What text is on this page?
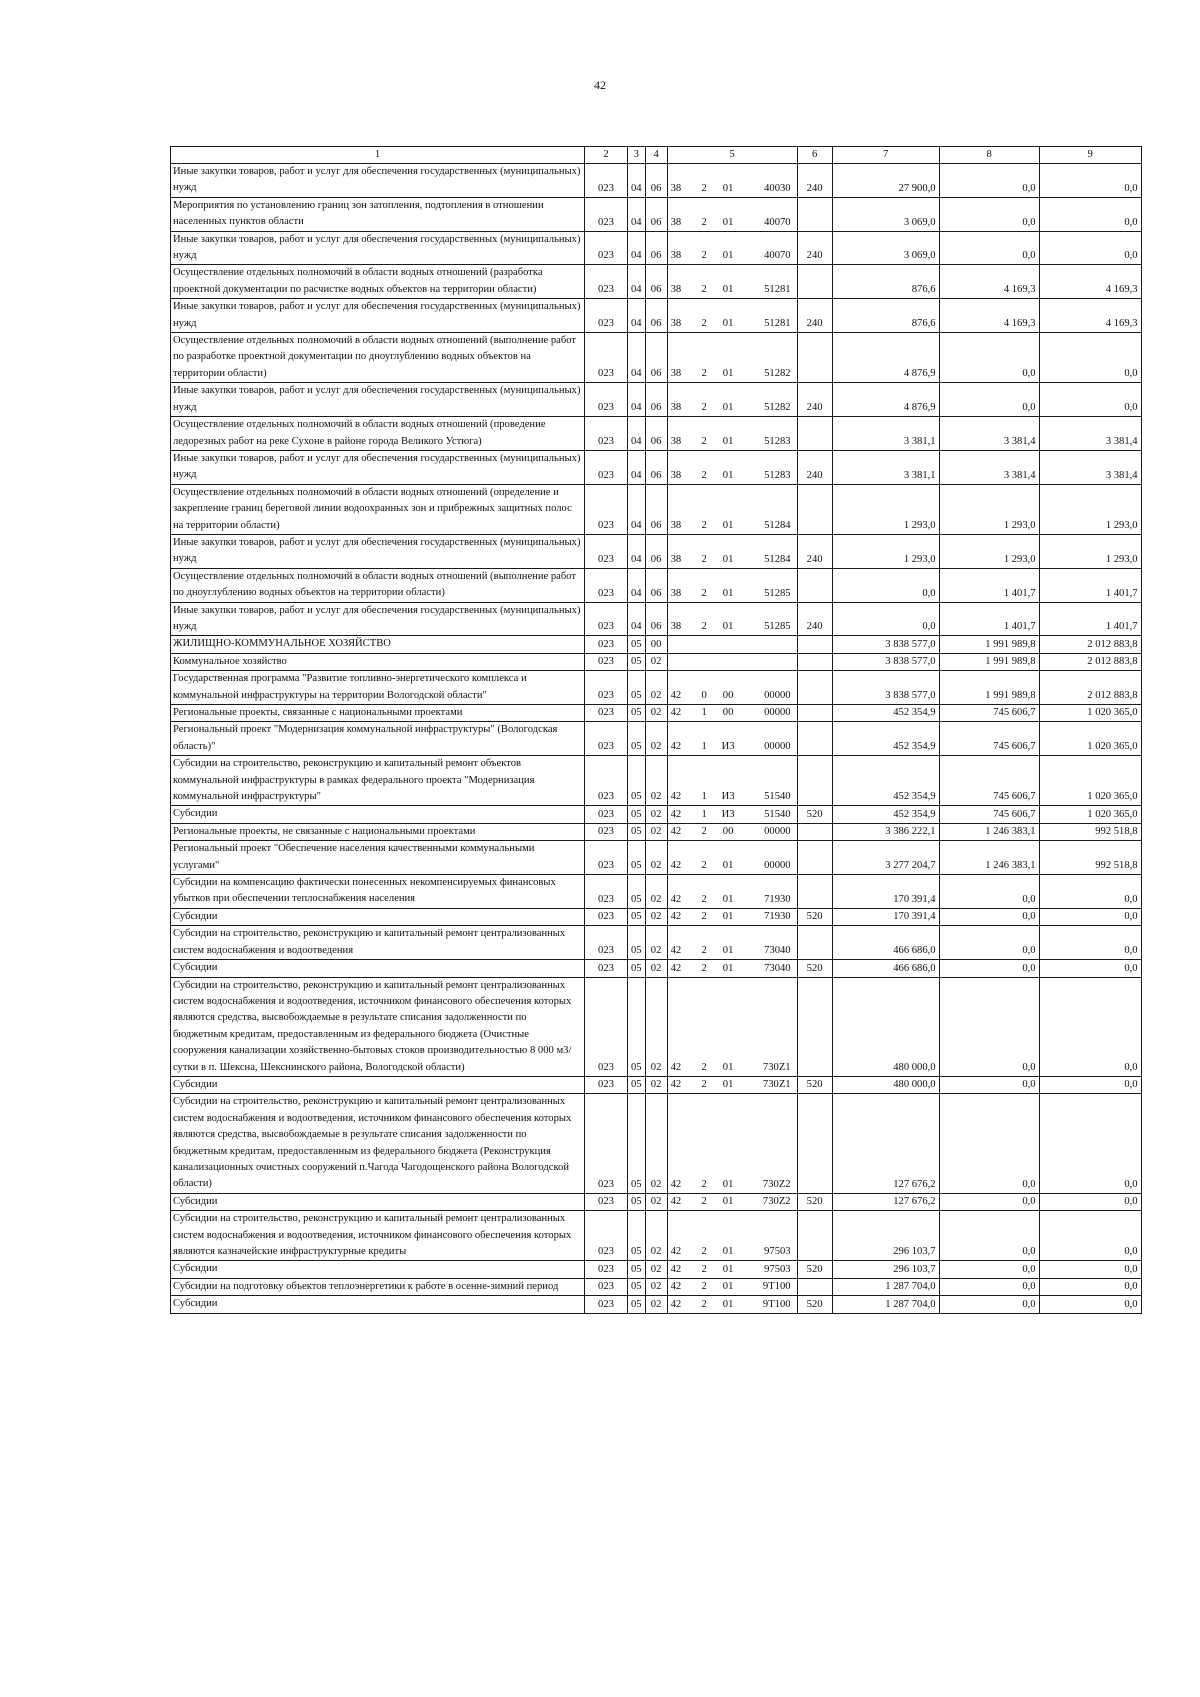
42
1	2	3	4	5				6	7	8	9
Иные закупки товаров, работ и услуг для обеспечения государственных (муниципальных) нужд	023	04	06	38	2	01	40030	240	27 900,0	0,0	0,0
Мероприятия по установлению границ зон затопления, подтопления в отношении населенных пунктов области	023	04	06	38	2	01	40070		3 069,0	0,0	0,0
Иные закупки товаров, работ и услуг для обеспечения государственных (муниципальных) нужд	023	04	06	38	2	01	40070	240	3 069,0	0,0	0,0
Осуществление отдельных полномочий в области водных отношений (разработка проектной документации по расчистке водных объектов на территории области)	023	04	06	38	2	01	51281		876,6	4 169,3	4 169,3
Иные закупки товаров, работ и услуг для обеспечения государственных (муниципальных) нужд	023	04	06	38	2	01	51281	240	876,6	4 169,3	4 169,3
Осуществление отдельных полномочий в области водных отношений (выполнение работ по разработке проектной документации по дноуглублению водных объектов на территории области)	023	04	06	38	2	01	51282		4 876,9	0,0	0,0
Иные закупки товаров, работ и услуг для обеспечения государственных (муниципальных) нужд	023	04	06	38	2	01	51282	240	4 876,9	0,0	0,0
Осуществление отдельных полномочий в области водных отношений (проведение ледорезных работ на реке Сухоне в районе города Великого Устюга)	023	04	06	38	2	01	51283		3 381,1	3 381,4	3 381,4
Иные закупки товаров, работ и услуг для обеспечения государственных (муниципальных) нужд	023	04	06	38	2	01	51283	240	3 381,1	3 381,4	3 381,4
Осуществление отдельных полномочий в области водных отношений (определение и закрепление границ береговой линии водоохранных зон и прибрежных защитных полос на территории области)	023	04	06	38	2	01	51284		1 293,0	1 293,0	1 293,0
Иные закупки товаров, работ и услуг для обеспечения государственных (муниципальных) нужд	023	04	06	38	2	01	51284	240	1 293,0	1 293,0	1 293,0
Осуществление отдельных полномочий в области водных отношений (выполнение работ по дноуглублению водных объектов на территории области)	023	04	06	38	2	01	51285		0,0	1 401,7	1 401,7
Иные закупки товаров, работ и услуг для обеспечения государственных (муниципальных) нужд	023	04	06	38	2	01	51285	240	0,0	1 401,7	1 401,7
ЖИЛИЩНО-КОММУНАЛЬНОЕ ХОЗЯЙСТВО	023	05	00						3 838 577,0	1 991 989,8	2 012 883,8
Коммунальное хозяйство	023	05	02						3 838 577,0	1 991 989,8	2 012 883,8
Государственная программа "Развитие топливно-энергетического комплекса и коммунальной инфраструктуры на территории Вологодской области"	023	05	02	42	0	00	00000		3 838 577,0	1 991 989,8	2 012 883,8
Региональные проекты, связанные с национальными проектами	023	05	02	42	1	00	00000		452 354,9	745 606,7	1 020 365,0
Региональный проект "Модернизация коммунальной инфраструктуры" (Вологодская область)"	023	05	02	42	1	И3	00000		452 354,9	745 606,7	1 020 365,0
Субсидии на строительство, реконструкцию и капитальный ремонт объектов коммунальной инфраструктуры в рамках федерального проекта "Модернизация коммунальной инфраструктуры"	023	05	02	42	1	И3	51540		452 354,9	745 606,7	1 020 365,0
Субсидии	023	05	02	42	1	И3	51540	520	452 354,9	745 606,7	1 020 365,0
Региональные проекты, не связанные с национальными проектами	023	05	02	42	2	00	00000		3 386 222,1	1 246 383,1	992 518,8
Региональный проект "Обеспечение населения качественными коммунальными услугами"	023	05	02	42	2	01	00000		3 277 204,7	1 246 383,1	992 518,8
Субсидии на компенсацию фактически понесенных некомпенсируемых финансовых убытков при обеспечении теплоснабжения населения	023	05	02	42	2	01	71930		170 391,4	0,0	0,0
Субсидии	023	05	02	42	2	01	71930	520	170 391,4	0,0	0,0
Субсидии на строительство, реконструкцию и капитальный ремонт централизованных систем водоснабжения и водоотведения	023	05	02	42	2	01	73040		466 686,0	0,0	0,0
Субсидии	023	05	02	42	2	01	73040	520	466 686,0	0,0	0,0
Субсидии на строительство, реконструкцию и капитальный ремонт централизованных систем водоснабжения и водоотведения, источником финансового обеспечения которых являются средства, высвобождаемые в результате списания задолженности по бюджетным кредитам, предоставленным из федерального бюджета (Очистные сооружения канализации хозяйственно-бытовых стоков производительностью 8 000 м3/сутки в п. Шексна, Шекснинского района, Вологодской области)	023	05	02	42	2	01	730Z1		480 000,0	0,0	0,0
Субсидии	023	05	02	42	2	01	730Z1	520	480 000,0	0,0	0,0
Субсидии на строительство, реконструкцию и капитальный ремонт централизованных систем водоснабжения и водоотведения, источником финансового обеспечения которых являются средства, высвобождаемые в результате списания задолженности по бюджетным кредитам, предоставленным из федерального бюджета (Реконструкция канализационных очистных сооружений п.Чагода Чагодощенского района Вологодской области)	023	05	02	42	2	01	730Z2		127 676,2	0,0	0,0
Субсидии	023	05	02	42	2	01	730Z2	520	127 676,2	0,0	0,0
Субсидии на строительство, реконструкцию и капитальный ремонт централизованных систем водоснабжения и водоотведения, источником финансового обеспечения которых являются казначейские инфраструктурные кредиты	023	05	02	42	2	01	97503		296 103,7	0,0	0,0
Субсидии	023	05	02	42	2	01	97503	520	296 103,7	0,0	0,0
Субсидии на подготовку объектов теплоэнергетики к работе в осенне-зимний период	023	05	02	42	2	01	9Т100		1 287 704,0	0,0	0,0
Субсидии	023	05	02	42	2	01	9Т100	520	1 287 704,0	0,0	0,0
